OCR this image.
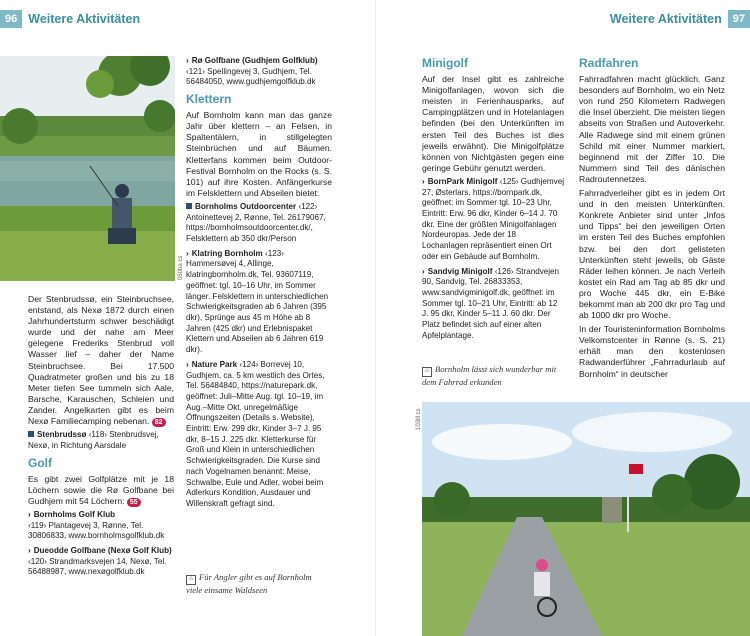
96 Weitere Aktivitäten
050ba cs

Der Stenbrudssø, ein Steinbruchsee, entstand, als Nexø 1872 durch einen Jahrhundertsturm schwer beschädigt wurde und der nahe am Meer gelegene Frederiks Stenbrud voll Wasser lief – daher der Name Steinbruchsee. Bei 17.500 Quadratmeter großen und bis zu 18 Meter tiefen See tummeln sich Aale, Barsche, Karauschen, Schleien und Zander. Angelkarten gibt es beim Nexø Familiecamping nebenan. 82

Stenbrudssø ‹118› Stenbrudsvej, Nexø, in Richtung Aarsdale
Golf

Es gibt zwei Golfplätze mit je 18 Löchern sowie die Rø Golfbane bei Gudhjem mit 54 Löchern: 55

› Bornholms Golf Klub
‹119› Plantagevej 3, Rønne, Tel. 30806833, www.bornholmsgolfklub.dk
› Dueodde Golfbane (Nexø Golf Klub)
‹120› Strandmarksvejen 14, Nexø, Tel. 56488987, www.nexøgolfklub.dk
› Rø Golfbane (Gudhjem Golfklub)
‹121› Spellingevej 3, Gudhjem, Tel. 56484050, www.gudhjemgolfklub.dk
Klettern

Auf Bornholm kann man das ganze Jahr über klettern – an Felsen, in Spaltentälern, in stillgelegten Steinbrüchen und auf Bäumen. Kletterfans kommen beim Outdoor-Festival Bornholm on the Rocks (s. S. 101) auf ihre Kosten. Anfängerkurse im Felsklettern und Abseilen bietet:

Bornholms Outdoorcenter ‹122› Antoinettevej 2, Rønne, Tel. 26179067, https://bornholmsoutdoorcenter.dk/, Felsklettern ab 350 dkr/Person
› Klatring Bornholm ‹123› Hammersøvej 4, Allinge, klatringbornholm.dk, Tel. 93607119, geöffnet: tgl. 10–16 Uhr, im Sommer länger. Felsklettern in unterschiedlichen Schwierigkeitsgraden ab 6 Jahren (395 dkr), Sprünge aus 45 m Höhe ab 8 Jahren (425 dkr) und Erlebnispaket Klettern und Abseilen ab 6 Jahren 619 dkr).
› Nature Park ‹124› Borrevej 10, Gudhjem, ca. 5 km westlich des Ortes, Tel. 56484840, https://naturepark.dk, geöffnet: Juli–Mitte Aug. tgl. 10–19, im Aug.–Mitte Okt. unregelmäßige Öffnungszeiten (Details s. Website), Eintritt: Erw. 299 dkr, Kinder 3–7 J. 95 dkr, 8–15 J. 225 dkr. Kletterkurse für Groß und Klein in unterschiedlichen Schwierigkeitsgraden. Die Kurse sind nach Vogelnamen benannt: Meise, Schwalbe, Eule und Adler, wobei beim Adlerkurs Kondition, Ausdauer und Willenskraft gefragt sind.
⌂ Für Angler gibt es auf Bornholm viele einsame Waldseen
Weitere Aktivitäten	97
Minigolf

Auf der Insel gibt es zahlreiche Minigolfanlagen, wovon sich die meisten in Ferienhausparks, auf Campingplätzen und in Hotelanlagen befinden (bei den Unterkünften im ersten Teil des Buches ist dies jeweils erwähnt). Die Minigolfplätze können von Nichtgästen gegen eine geringe Gebühr genutzt werden.

› BornPark Minigolf ‹125› Gudhjemvej 27, Østerlars, https://bornpark.dk, geöffnet: im Sommer tgl. 10–23 Uhr, Eintritt: Erw. 96 dkr, Kinder 6–14 J. 70 dkr. Eine der größten Minigolfanlagen Nordeuropas. Jede der 18 Lochanlagen repräsentiert einen Ort oder ein Gebäude auf Bornholm.
› Sandvig Minigolf ‹126› Strandvejen 90, Sandvig, Tel. 26833353, www.sandvigminigolf.dk, geöffnet: im Sommer tgl. 10–21 Uhr, Eintritt: ab 12 J. 95 dkr, Kinder 5–11 J. 60 dkr. Der Platz befindet sich auf einer alten Apfelplantage.
⌂ Bornholm lässt sich wunderbar mit dem Fahrrad erkunden
Radfahren

Fahrradfahren macht glücklich. Ganz besonders auf Bornholm, wo ein Netz von rund 250 Kilometern Radwegen die Insel überzieht. Die meisten liegen abseits von Straßen und Autoverkehr. Alle Radwege sind mit einem grünen Schild mit einer Nummer markiert, beginnend mit der Ziffer 10. Die Nummern sind Teil des dänischen Radroutennetzes.

Fahrradverleiher gibt es in jedem Ort und in den meisten Unterkünften. Konkrete Anbieter sind unter „Infos und Tipps“ bei den jeweiligen Orten im ersten Teil des Buches empfohlen bzw. bei den dort gelisteten Unterkünften steht jeweils, ob Gäste Räder leihen können. Je nach Verleih kostet ein Rad am Tag ab 85 dkr und pro Woche 445 dkr, ein E-Bike bekommt man ab 200 dkr pro Tag und ab 1000 dkr pro Woche.

In der Touristeninformation Bornholms Velkomstcenter in Rønne (s. S. 21) erhält man den kostenlosen Radwanderführer „Fahrradurlaub auf Bornholm“ in deutscher

103lll cs
